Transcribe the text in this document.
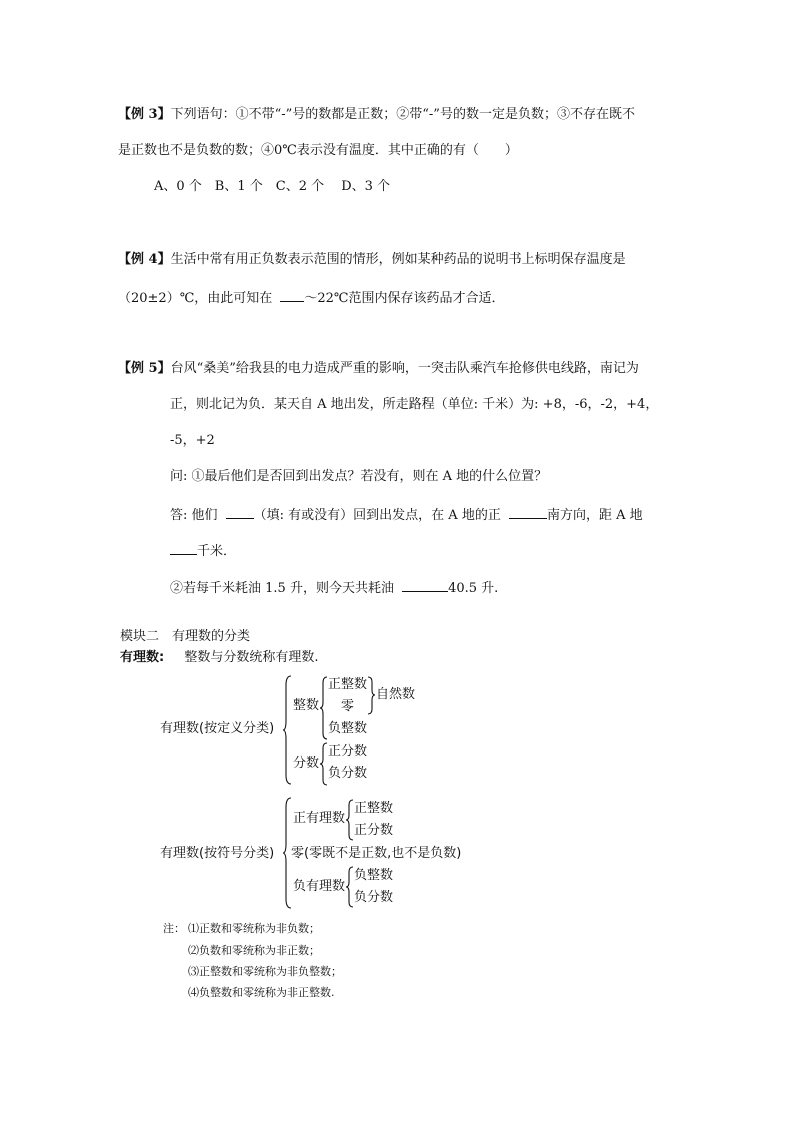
【例 3】下列语句：①不带“-”号的数都是正数；②带“-”号的数一定是负数；③不存在既不
是正数也不是负数的数；④0℃表示没有温度．其中正确的有（　　）
A、0 个　B、1 个　C、2 个　 D、3 个
【例 4】生活中常有用正负数表示范围的情形，例如某种药品的说明书上标明保存温度是
（20±2）℃，由此可知在 ～22℃范围内保存该药品才合适．
【例 5】台风“桑美”给我县的电力造成严重的影响，一突击队乘汽车抢修供电线路，南记为
正，则北记为负．某天自 A 地出发，所走路程（单位: 千米）为: +8，-6，-2，+4，
-5，+2
问: ①最后他们是否回到出发点？若没有，则在 A 地的什么位置？
答: 他们	（填: 有或没有）回到出发点，在 A 地的正	南方向，距 A 地
千米．
②若每千米耗油 1.5 升，则今天共耗油	40.5 升.
模块二　有理数的分类
有理数: 整数与分数统称有理数.
有理数(按定义分类)
整数
正整数
零
负整数
自然数
分数
正分数
负分数
有理数(按符号分类)
正有理数
正整数
正分数
零(零既不是正数,也不是负数)
负有理数
负整数
负分数
注： ⑴正数和零统称为非负数；
⑵负数和零统称为非正数；
⑶正整数和零统称为非负整数；
⑷负整数和零统称为非正整数.
